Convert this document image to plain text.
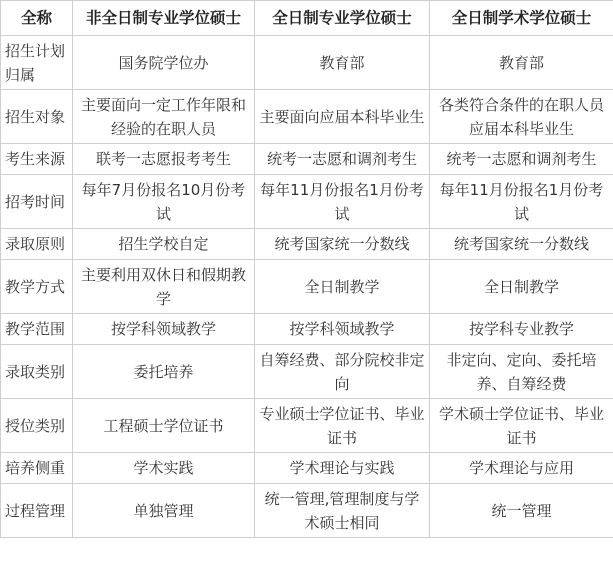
全称	非全日制专业学位硕士	全日制专业学位硕士	全日制学术学位硕士
招生计划归属	国务院学位办	教育部	教育部
招生对象	主要面向一定工作年限和经验的在职人员	主要面向应届本科毕业生	各类符合条件的在职人员应届本科毕业生
考生来源	联考一志愿报考考生	统考一志愿和调剂考生	统考一志愿和调剂考生
招考时间	每年7月份报名10月份考试	每年11月份报名1月份考试	每年11月份报名1月份考试
录取原则	招生学校自定	统考国家统一分数线	统考国家统一分数线
教学方式	主要利用双休日和假期教学	全日制教学	全日制教学
教学范围	按学科领域教学	按学科领域教学	按学科专业教学
录取类别	委托培养	自筹经费、部分院校非定向	非定向、定向、委托培养、自筹经费
授位类别	工程硕士学位证书	专业硕士学位证书、毕业证书	学术硕士学位证书、毕业证书
培养侧重	学术实践	学术理论与实践	学术理论与应用
过程管理	单独管理	统一管理,管理制度与学术硕士相同	统一管理
